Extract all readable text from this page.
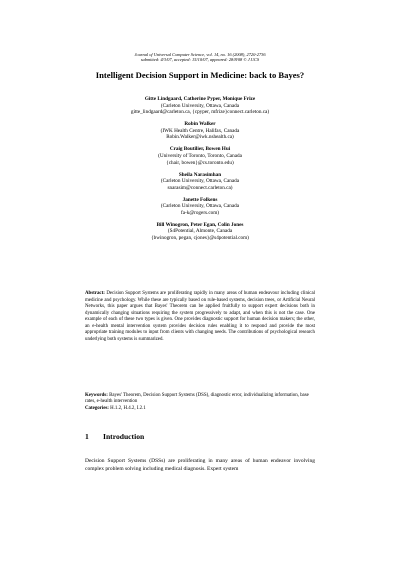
Journal of Universal Computer Science, vol. 14, no. 16 (2008), 2720-2736
submitted: 4/3/07, accepted: 15/10/07, appeared: 28/8/08 © J.UCS
Intelligent Decision Support in Medicine: back to Bayes?
Gitte Lindgaard, Catherine Pyper, Monique Frize
(Carleton University, Ottawa, Canada
gitte_lindgaard@carleton.ca, {cpyper, mfrize}connect.carleton.ca)
Robin Walker
(IWK Health Centre, Halifax, Canada
Robin.Walker@iwk.nshealth.ca)
Craig Boutilier, Bowen Hui
(University of Toronto, Toronto, Canada
{chair, bowen}@cs.toronto.edu)
Sheila Narasimhan
(Carleton University, Ottawa, Canada
snarasim@connect.carleton.ca)
Janette Folkens
(Carleton University, Ottawa, Canada
fa-k@rogers.com)
Bill Winogron, Peter Egan, Colin Jones
(S4Potential, Almonte, Canada
{bwinogron, pegan, cjones}@s4potential.com)
Abstract: Decision Support Systems are proliferating rapidly in many areas of human endeavour including clinical medicine and psychology. While these are typically based on rule-based systems, decision trees, or Artificial Neural Networks, this paper argues that Bayes' Theorem can be applied fruitfully to support expert decisions both in dynamically changing situations requiring the system progressively to adapt, and when this is not the case. One example of each of these two types is given. One provides diagnostic support for human decision makers; the other, an e-health mental intervention system provides decision rules enabling it to respond and provide the most appropriate training modules to input from clients with changing needs. The contributions of psychological research underlying both systems is summarized.
Keywords: Bayes' Theorem, Decision Support Systems (DSS), diagnostic error, individualizing information, base rates, e-health intervention
Categories: H.1.2, H.4.2, I.2.1
1 Introduction
Decision Support Systems (DSSs) are proliferating in many areas of human endeavor involving complex problem solving including medical diagnosis. Expert system
